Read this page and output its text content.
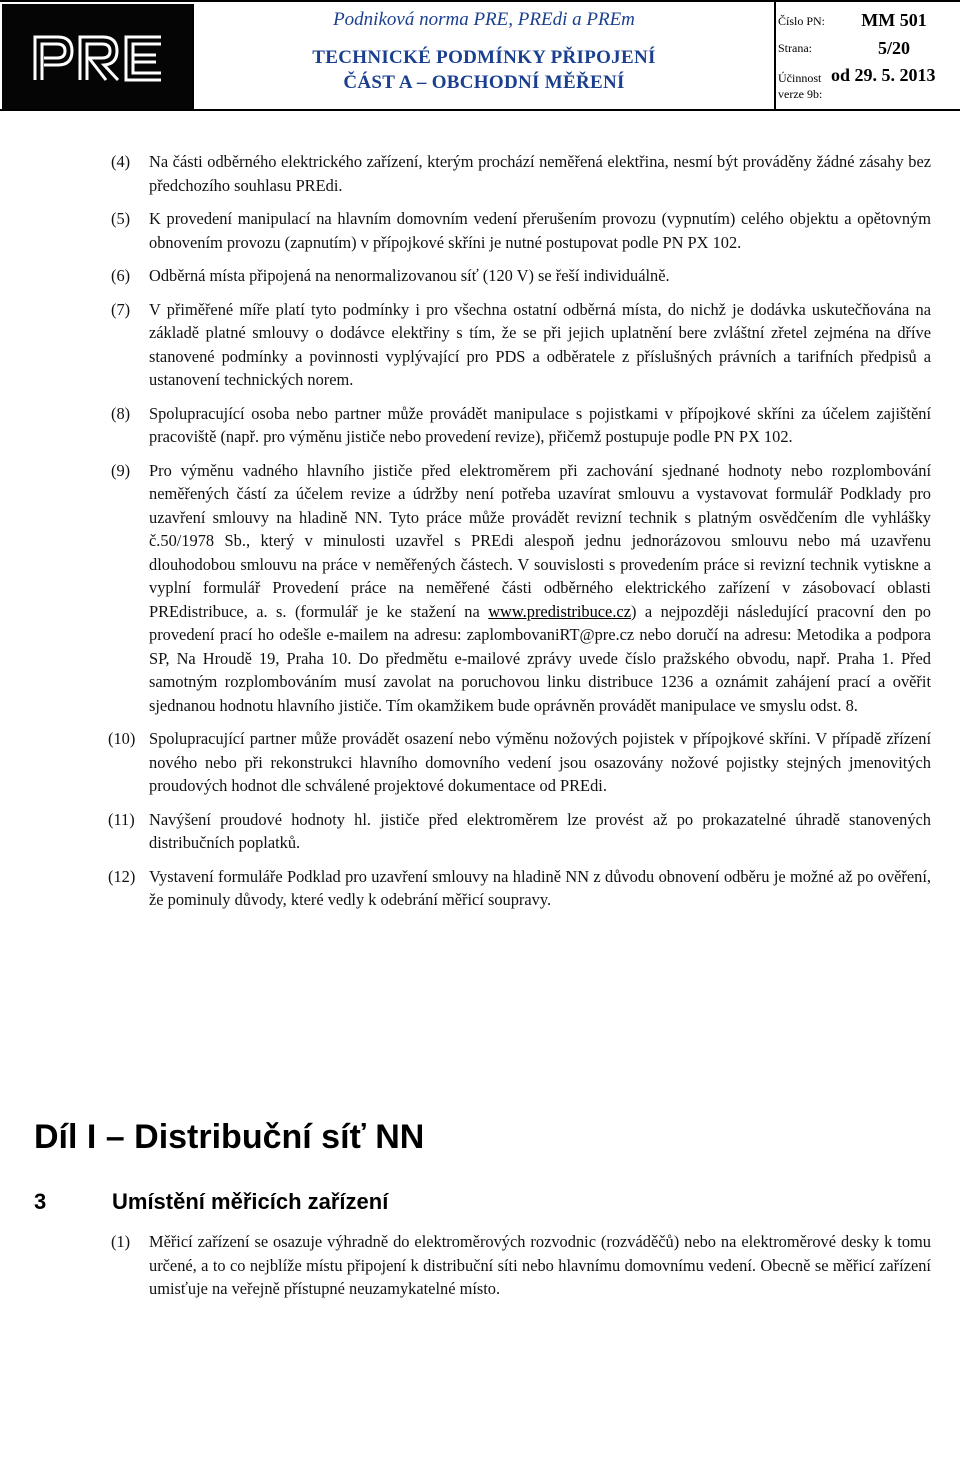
Podniková norma PRE, PREdi a PREm
TECHNICKÉ PODMÍNKY PŘIPOJENÍ
ČÁST A – OBCHODNÍ MĚŘENÍ
Číslo PN:	MM 501
Strana:	5/20
Účinnost od 29. 5. 2013
verze 9b:
(4) Na části odběrného elektrického zařízení, kterým prochází neměřená elektřina, nesmí být prováděny žádné zásahy bez předchozího souhlasu PREdi.
(5) K provedení manipulací na hlavním domovním vedení přerušením provozu (vypnutím) celého objektu a opětovným obnovením provozu (zapnutím) v přípojkové skříni je nutné postupovat podle PN PX 102.
(6) Odběrná místa připojená na nenormalizovanou síť (120 V) se řeší individuálně.
(7) V přiměřené míře platí tyto podmínky i pro všechna ostatní odběrná místa, do nichž je dodávka uskutečňována na základě platné smlouvy o dodávce elektřiny s tím, že se při jejich uplatnění bere zvláštní zřetel zejména na dříve stanovené podmínky a povinnosti vyplývající pro PDS a odběratele z příslušných právních a tarifních předpisů a ustanovení technických norem.
(8) Spolupracující osoba nebo partner může provádět manipulace s pojistkami v přípojkové skříni za účelem zajištění pracoviště (např. pro výměnu jističe nebo provedení revize), přičemž postupuje podle PN PX 102.
(9) Pro výměnu vadného hlavního jističe před elektroměrem při zachování sjednané hodnoty nebo rozplombování neměřených částí za účelem revize a údržby není potřeba uzavírat smlouvu a vystavovat formulář Podklady pro uzavření smlouvy na hladině NN. Tyto práce může provádět revizní technik s platným osvědčením dle vyhlášky č.50/1978 Sb., který v minulosti uzavřel s PREdi alespoň jednu jednorázovou smlouvu nebo má uzavřenu dlouhodobou smlouvu na práce v neměřených částech. V souvislosti s provedením práce si revizní technik vytiskne a vyplní formulář Provedení práce na neměřené části odběrného elektrického zařízení v zásobovací oblasti PREdistribuce, a. s. (formulář je ke stažení na www.predistribuce.cz) a nejpozději následující pracovní den po provedení prací ho odešle e-mailem na adresu: zaplombovaniRT@pre.cz nebo doručí na adresu: Metodika a podpora SP, Na Hroudě 19, Praha 10. Do předmětu e-mailové zprávy uvede číslo pražského obvodu, např. Praha 1. Před samotným rozplombováním musí zavolat na poruchovou linku distribuce 1236 a oznámit zahájení prací a ověřit sjednanou hodnotu hlavního jističe. Tím okamžikem bude oprávněn provádět manipulace ve smyslu odst. 8.
(10) Spolupracující partner může provádět osazení nebo výměnu nožových pojistek v přípojkové skříni. V případě zřízení nového nebo při rekonstrukci hlavního domovního vedení jsou osazovány nožové pojistky stejných jmenovitých proudových hodnot dle schválené projektové dokumentace od PREdi.
(11) Navýšení proudové hodnoty hl. jističe před elektroměrem lze provést až po prokazatelné úhradě stanovených distribučních poplatků.
(12) Vystavení formuláře Podklad pro uzavření smlouvy na hladině NN z důvodu obnovení odběru je možné až po ověření, že pominuly důvody, které vedly k odebrání měřicí soupravy.
Díl I – Distribuční síť NN
3	Umístění měřicích zařízení
(1) Měřicí zařízení se osazuje výhradně do elektroměrových rozvodnic (rozváděčů) nebo na elektroměrové desky k tomu určené, a to co nejblíže místu připojení k distribuční síti nebo hlavnímu domovnímu vedení. Obecně se měřicí zařízení umisťuje na veřejně přístupné neuzamykatelné místo.
